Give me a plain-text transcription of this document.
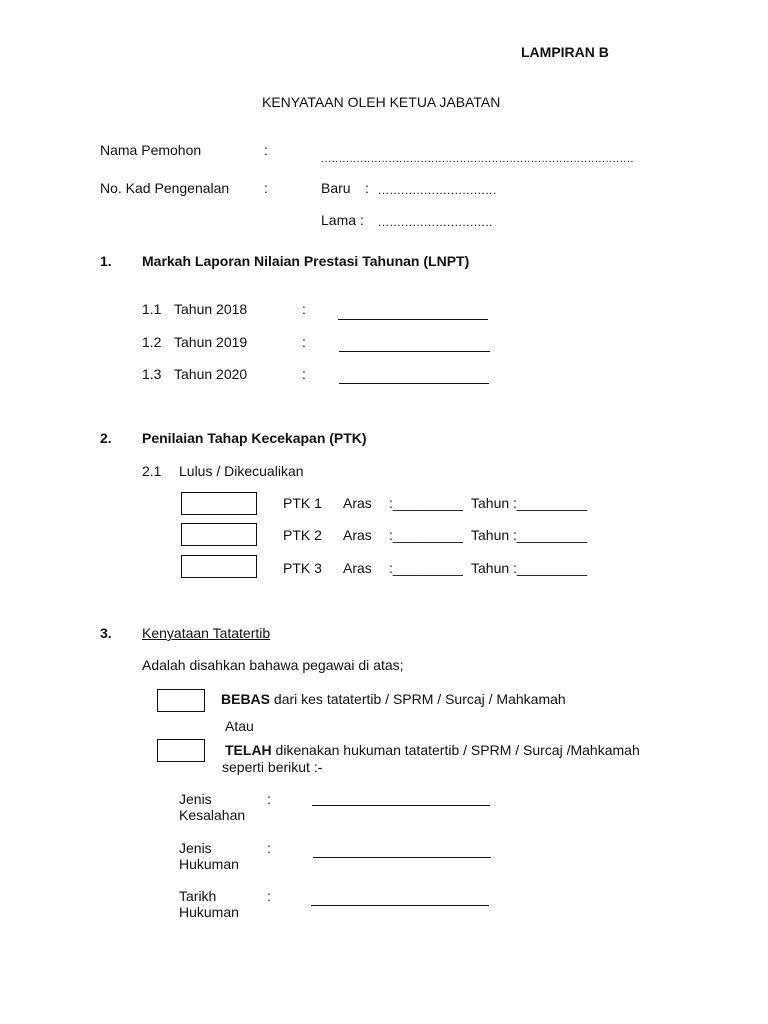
LAMPIRAN B
KENYATAAN OLEH KETUA JABATAN
Nama Pemohon	:
........................................................................................
No. Kad Pengenalan :	Baru : ...............................
Lama : ..............................
1. Markah Laporan Nilaian Prestasi Tahunan (LNPT)
1.1 Tahun 2018	:
1.2 Tahun 2019	:
1.3 Tahun 2020	:
2. Penilaian Tahap Kecekapan (PTK)
2.1 Lulus / Dikecualikan
PTK 1 Aras :_________ Tahun :_________
PTK 2 Aras :_________ Tahun :_________
PTK 3 Aras :_________ Tahun :_________
3. Kenyataan Tatatertib
Adalah disahkan bahawa pegawai di atas;
BEBAS dari kes tatatertib / SPRM / Surcaj / Mahkamah
Atau
TELAH dikenakan hukuman tatatertib / SPRM / Surcaj /Mahkamah
seperti berikut :-
Jenis
Kesalahan
:
Jenis
Hukuman
:
Tarikh
Hukuman
:
